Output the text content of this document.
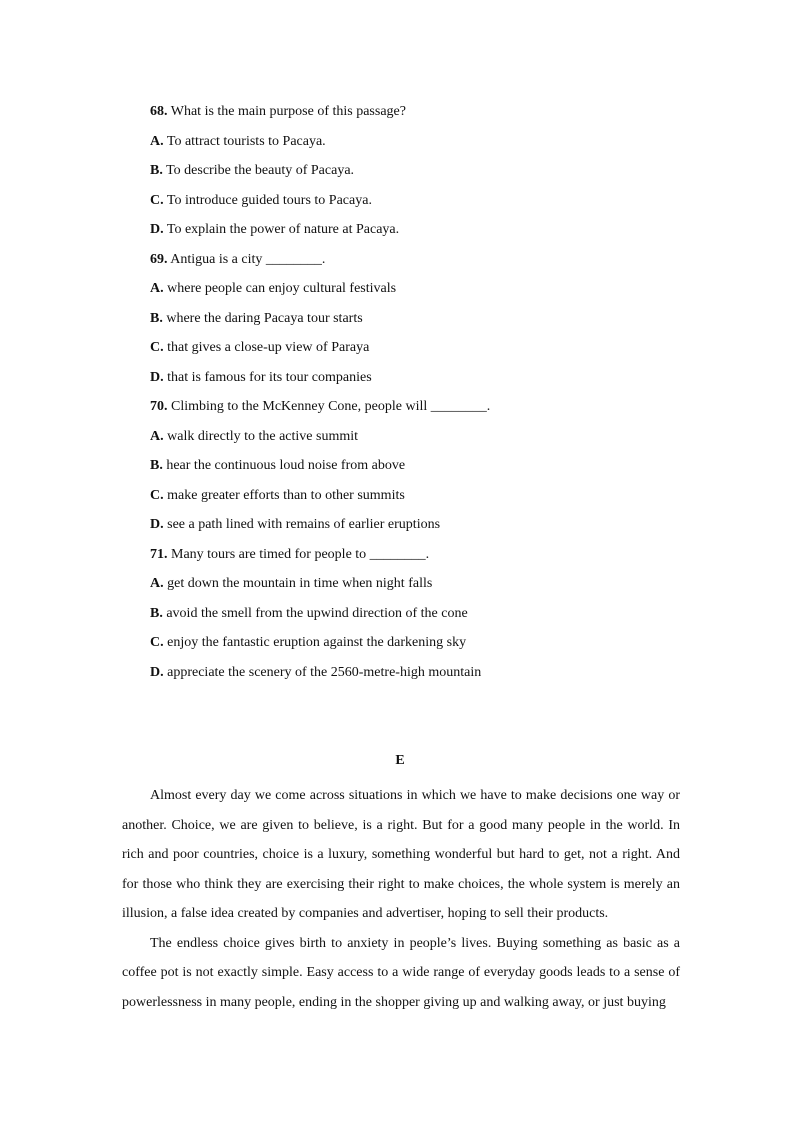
68. What is the main purpose of this passage?
A. To attract tourists to Pacaya.
B. To describe the beauty of Pacaya.
C. To introduce guided tours to Pacaya.
D. To explain the power of nature at Pacaya.
69. Antigua is a city ________.
A. where people can enjoy cultural festivals
B. where the daring Pacaya tour starts
C. that gives a close-up view of Paraya
D. that is famous for its tour companies
70. Climbing to the McKenney Cone, people will ________.
A. walk directly to the active summit
B. hear the continuous loud noise from above
C. make greater efforts than to other summits
D. see a path lined with remains of earlier eruptions
71. Many tours are timed for people to ________.
A. get down the mountain in time when night falls
B. avoid the smell from the upwind direction of the cone
C. enjoy the fantastic eruption against the darkening sky
D. appreciate the scenery of the 2560-metre-high mountain
E

Almost every day we come across situations in which we have to make decisions one way or another. Choice, we are given to believe, is a right. But for a good many people in the world. In rich and poor countries, choice is a luxury, something wonderful but hard to get, not a right. And for those who think they are exercising their right to make choices, the whole system is merely an illusion, a false idea created by companies and advertiser, hoping to sell their products.

The endless choice gives birth to anxiety in people’s lives. Buying something as basic as a coffee pot is not exactly simple. Easy access to a wide range of everyday goods leads to a sense of powerlessness in many people, ending in the shopper giving up and walking away, or just buying
